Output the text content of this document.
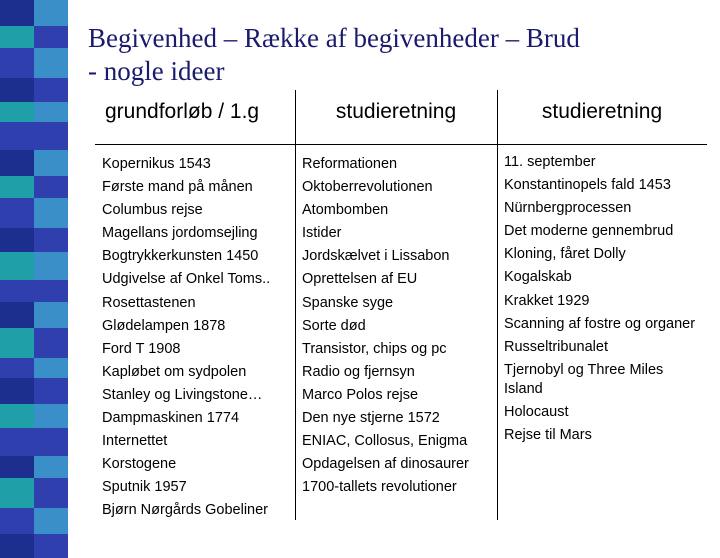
Begivenhed – Række af begivenheder – Brud
- nogle ideer
grundforløb / 1.g
Kopernikus 1543
Første mand på månen
Columbus rejse
Magellans jordomsejling
Bogtrykkerkunsten 1450
Udgivelse af Onkel Toms..
Rosettastenen
Glødelampen 1878
Ford T 1908
Kapløbet om sydpolen
Stanley og Livingstone…
Dampmaskinen 1774
Internettet
Korstogene
Sputnik 1957
Bjørn Nørgårds Gobeliner
studieretning
Reformationen
Oktoberrevolutionen
Atombomben
Istider
Jordskælvet i Lissabon
Oprettelsen af EU
Spanske syge
Sorte død
Transistor, chips og pc
Radio og fjernsyn
Marco Polos rejse
Den nye stjerne 1572
ENIAC, Collosus, Enigma
Opdagelsen af dinosaurer
1700-tallets revolutioner
studieretning
11. september
Konstantinopels fald 1453
Nürnbergprocessen
Det moderne gennembrud
Kloning, fåret Dolly
Kogalskab
Krakket 1929
Scanning af fostre og organer
Russeltribunalet
Tjernobyl og Three Miles Island
Holocaust
Rejse til Mars
